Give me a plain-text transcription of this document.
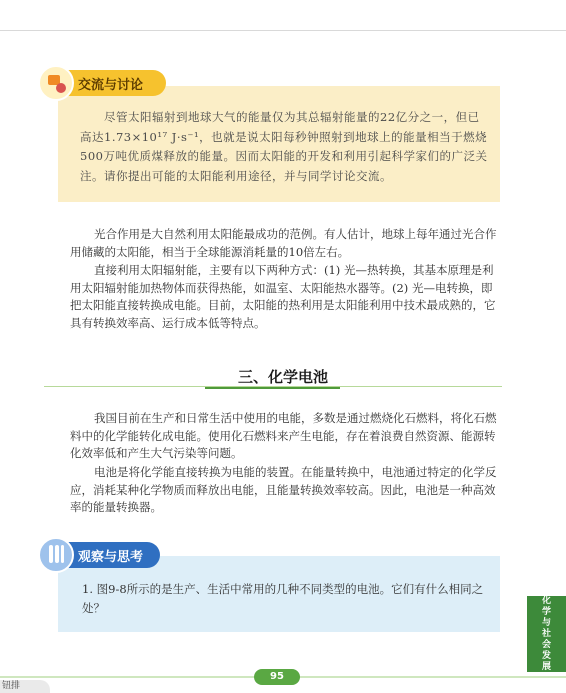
交流与讨论

尽管太阳辐射到地球大气的能量仅为其总辐射能量的22亿分之一，但已高达1.73×10¹⁷ J·s⁻¹，也就是说太阳每秒钟照射到地球上的能量相当于燃烧500万吨优质煤释放的能量。因而太阳能的开发和利用引起科学家们的广泛关注。请你提出可能的太阳能利用途径，并与同学讨论交流。

光合作用是大自然利用太阳能最成功的范例。有人估计，地球上每年通过光合作用储藏的太阳能，相当于全球能源消耗量的10倍左右。

直接利用太阳辐射能，主要有以下两种方式：(1) 光—热转换，其基本原理是利用太阳辐射能加热物体而获得热能，如温室、太阳能热水器等。(2) 光—电转换，即把太阳能直接转换成电能。目前，太阳能的热利用是太阳能利用中技术最成熟的，它具有转换效率高、运行成本低等特点。

三、化学电池

我国目前在生产和日常生活中使用的电能，多数是通过燃烧化石燃料，将化石燃料中的化学能转化成电能。使用化石燃料来产生电能，存在着浪费自然资源、能源转化效率低和产生大气污染等问题。

电池是将化学能直接转换为电能的装置。在能量转换中，电池通过特定的化学反应，消耗某种化学物质而释放出电能，且能量转换效率较高。因此，电池是一种高效率的能量转换器。

观察与思考

1. 图9-8所示的是生产、生活中常用的几种不同类型的电池。它们有什么相同之处？

化
学
与
社
会
发
展
95
钮排
